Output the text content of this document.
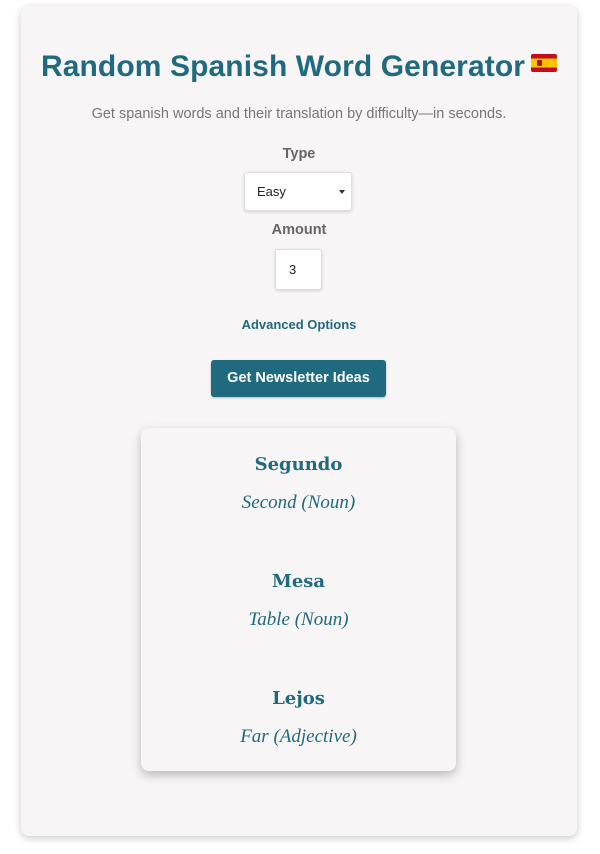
Random Spanish Word Generator
Get spanish words and their translation by difficulty—in seconds.
Type
Easy
Amount
3
Advanced Options
Get Newsletter Ideas
Segundo
Second (Noun)
Mesa
Table (Noun)
Lejos
Far (Adjective)
